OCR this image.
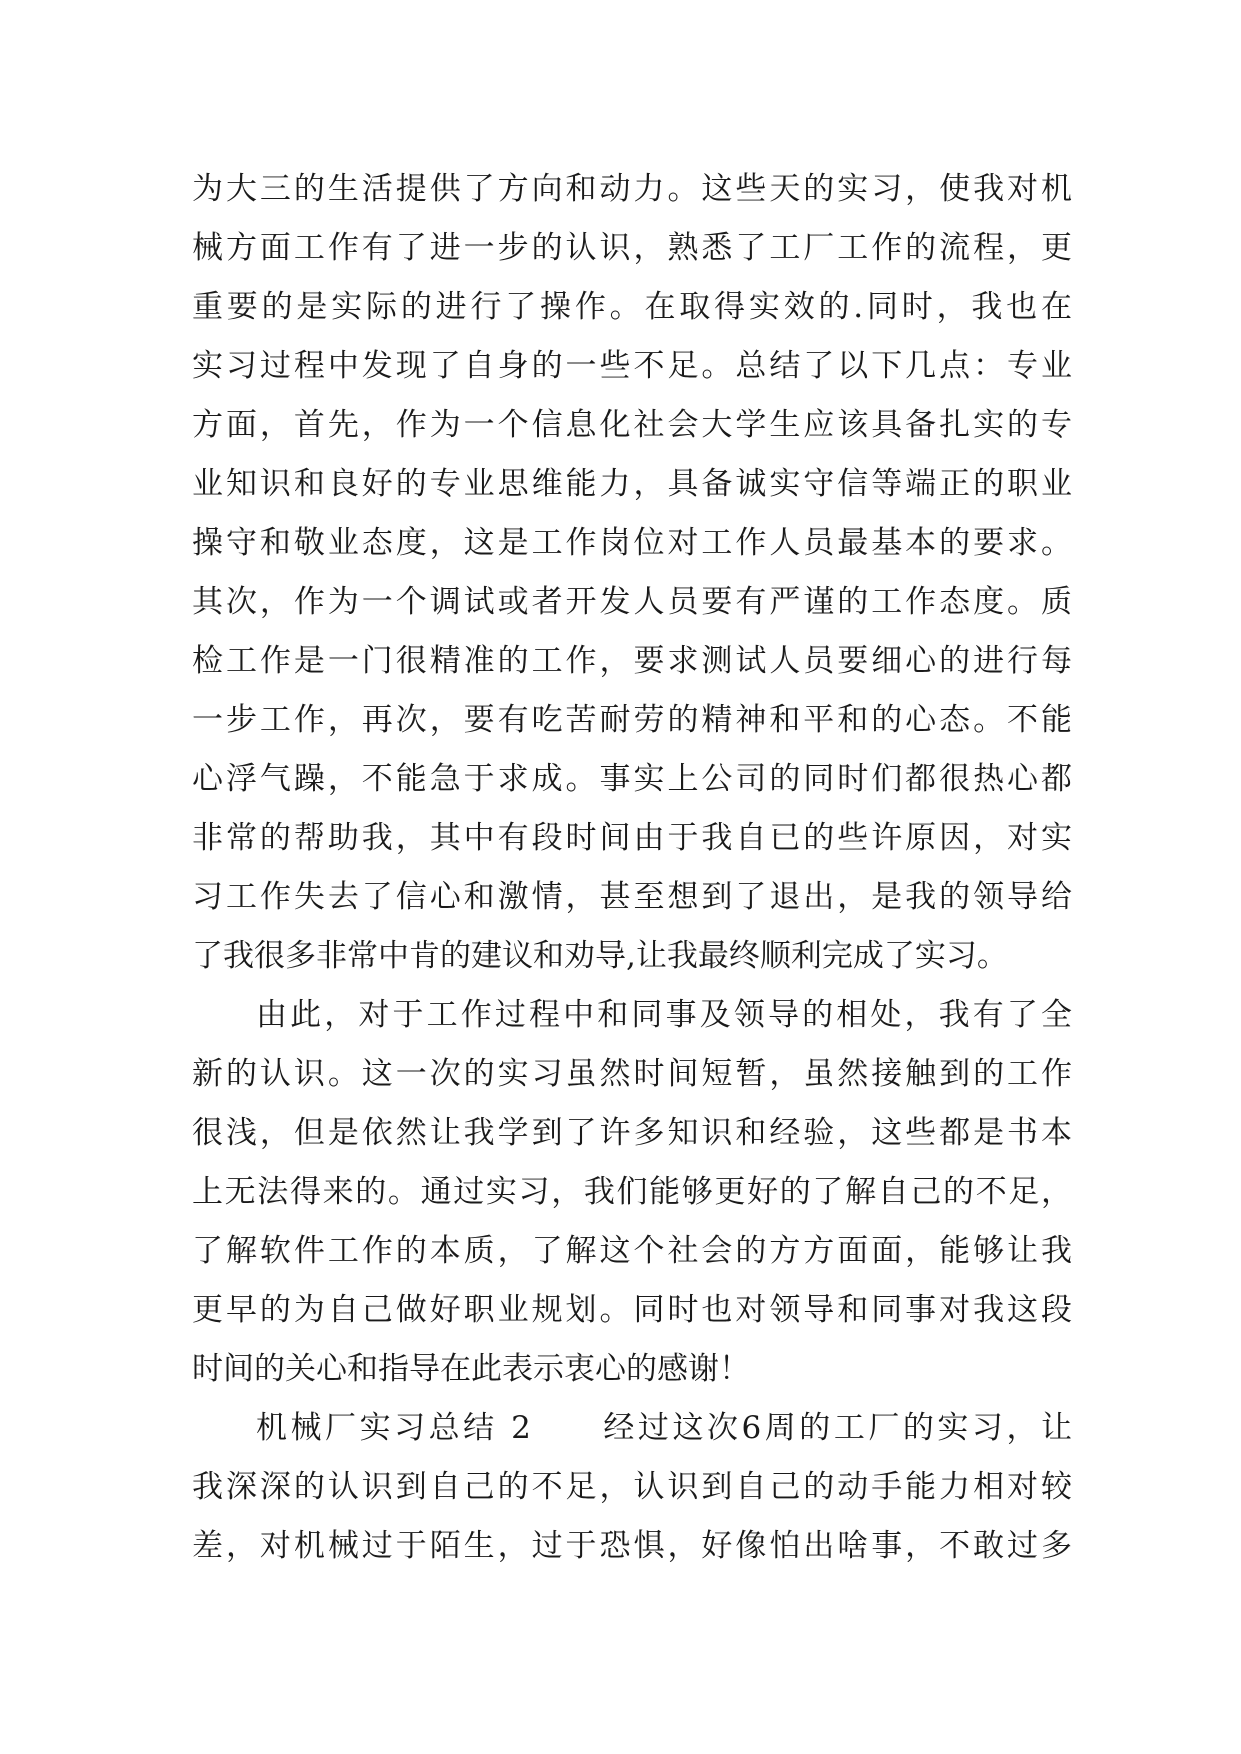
为大三的生活提供了方向和动力。这些天的实习，使我对机
械方面工作有了进一步的认识，熟悉了工厂工作的流程，更
重要的是实际的进行了操作。在取得实效的.同时，我也在
实习过程中发现了自身的一些不足。总结了以下几点：专业
方面，首先，作为一个信息化社会大学生应该具备扎实的专
业知识和良好的专业思维能力，具备诚实守信等端正的职业
操守和敬业态度，这是工作岗位对工作人员最基本的要求。
其次，作为一个调试或者开发人员要有严谨的工作态度。质
检工作是一门很精准的工作，要求测试人员要细心的进行每
一步工作，再次，要有吃苦耐劳的精神和平和的心态。不能
心浮气躁，不能急于求成。事实上公司的同时们都很热心都
非常的帮助我，其中有段时间由于我自已的些许原因，对实
习工作失去了信心和激情，甚至想到了退出，是我的领导给
了我很多非常中肯的建议和劝导,让我最终顺利完成了实习。
由此，对于工作过程中和同事及领导的相处，我有了全
新的认识。这一次的实习虽然时间短暂，虽然接触到的工作
很浅，但是依然让我学到了许多知识和经验，这些都是书本
上无法得来的。通过实习，我们能够更好的了解自己的不足，
了解软件工作的本质，了解这个社会的方方面面，能够让我
更早的为自己做好职业规划。同时也对领导和同事对我这段
时间的关心和指导在此表示衷心的感谢！
机械厂实习总结 2　　经过这次6周的工厂的实习，让
我深深的认识到自己的不足，认识到自己的动手能力相对较
差，对机械过于陌生，过于恐惧，好像怕出啥事，不敢过多
